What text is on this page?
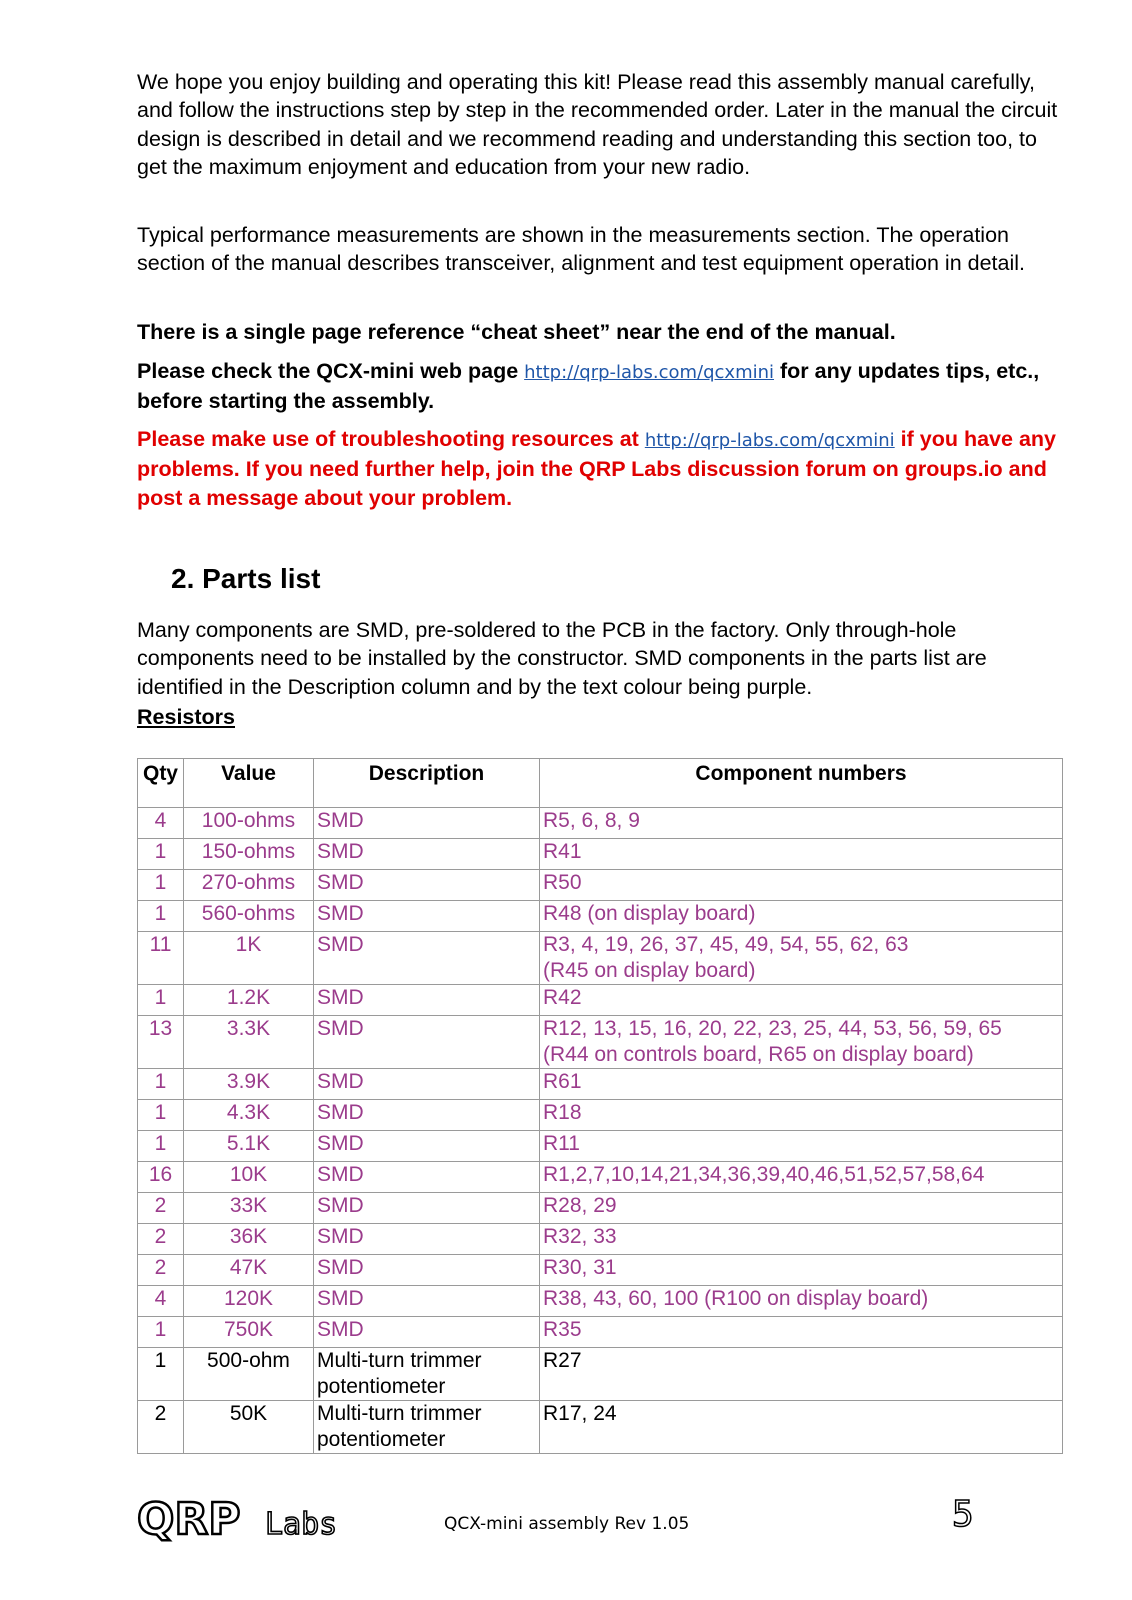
We hope you enjoy building and operating this kit! Please read this assembly manual carefully, and follow the instructions step by step in the recommended order. Later in the manual the circuit design is described in detail and we recommend reading and understanding this section too, to get the maximum enjoyment and education from your new radio.

Typical performance measurements are shown in the measurements section. The operation section of the manual describes transceiver, alignment and test equipment operation in detail.

There is a single page reference “cheat sheet” near the end of the manual.

Please check the QCX-mini web page http://qrp-labs.com/qcxmini for any updates tips, etc., before starting the assembly.

Please make use of troubleshooting resources at http://qrp-labs.com/qcxmini if you have any problems. If you need further help, join the QRP Labs discussion forum on groups.io and post a message about your problem.

2. Parts list

Many components are SMD, pre-soldered to the PCB in the factory. Only through-hole components need to be installed by the constructor. SMD components in the parts list are identified in the Description column and by the text colour being purple.

Resistors
Qty	Value	Description	Component numbers
4	100-ohms	SMD	R5, 6, 8, 9
1	150-ohms	SMD	R41
1	270-ohms	SMD	R50
1	560-ohms	SMD	R48 (on display board)
11	1K	SMD	R3, 4, 19, 26, 37, 45, 49, 54, 55, 62, 63
(R45 on display board)
1	1.2K	SMD	R42
13	3.3K	SMD	R12, 13, 15, 16, 20, 22, 23, 25, 44, 53, 56, 59, 65
(R44 on controls board, R65 on display board)
1	3.9K	SMD	R61
1	4.3K	SMD	R18
1	5.1K	SMD	R11
16	10K	SMD	R1,2,7,10,14,21,34,36,39,40,46,51,52,57,58,64
2	33K	SMD	R28, 29
2	36K	SMD	R32, 33
2	47K	SMD	R30, 31
4	120K	SMD	R38, 43, 60, 100 (R100 on display board)
1	750K	SMD	R35
1	500-ohm	Multi-turn trimmer
potentiometer	R27
2	50K	Multi-turn trimmer
potentiometer	R17, 24
QRP Labs	QCX-mini assembly Rev 1.05	5
